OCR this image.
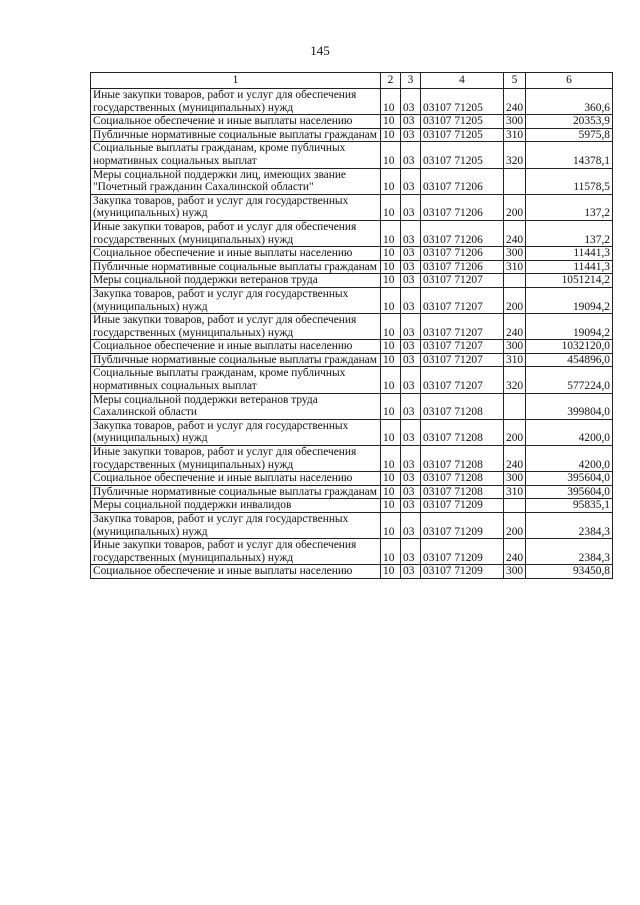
145
1	2	3	4	5	6
Иные закупки товаров, работ и услуг для обеспечения государственных (муниципальных) нужд	10	03	03107 71205	240	360,6
Социальное обеспечение и иные выплаты населению	10	03	03107 71205	300	20353,9
Публичные нормативные социальные выплаты гражданам	10	03	03107 71205	310	5975,8
Социальные выплаты гражданам, кроме публичных нормативных социальных выплат	10	03	03107 71205	320	14378,1
Меры социальной поддержки лиц, имеющих звание "Почетный гражданин Сахалинской области"	10	03	03107 71206		11578,5
Закупка товаров, работ и услуг для государственных (муниципальных) нужд	10	03	03107 71206	200	137,2
Иные закупки товаров, работ и услуг для обеспечения государственных (муниципальных) нужд	10	03	03107 71206	240	137,2
Социальное обеспечение и иные выплаты населению	10	03	03107 71206	300	11441,3
Публичные нормативные социальные выплаты гражданам	10	03	03107 71206	310	11441,3
Меры социальной поддержки ветеранов труда	10	03	03107 71207		1051214,2
Закупка товаров, работ и услуг для государственных (муниципальных) нужд	10	03	03107 71207	200	19094,2
Иные закупки товаров, работ и услуг для обеспечения государственных (муниципальных) нужд	10	03	03107 71207	240	19094,2
Социальное обеспечение и иные выплаты населению	10	03	03107 71207	300	1032120,0
Публичные нормативные социальные выплаты гражданам	10	03	03107 71207	310	454896,0
Социальные выплаты гражданам, кроме публичных нормативных социальных выплат	10	03	03107 71207	320	577224,0
Меры социальной поддержки ветеранов труда Сахалинской области	10	03	03107 71208		399804,0
Закупка товаров, работ и услуг для государственных (муниципальных) нужд	10	03	03107 71208	200	4200,0
Иные закупки товаров, работ и услуг для обеспечения государственных (муниципальных) нужд	10	03	03107 71208	240	4200,0
Социальное обеспечение и иные выплаты населению	10	03	03107 71208	300	395604,0
Публичные нормативные социальные выплаты гражданам	10	03	03107 71208	310	395604,0
Меры социальной поддержки инвалидов	10	03	03107 71209		95835,1
Закупка товаров, работ и услуг для государственных (муниципальных) нужд	10	03	03107 71209	200	2384,3
Иные закупки товаров, работ и услуг для обеспечения государственных (муниципальных) нужд	10	03	03107 71209	240	2384,3
Социальное обеспечение и иные выплаты населению	10	03	03107 71209	300	93450,8
